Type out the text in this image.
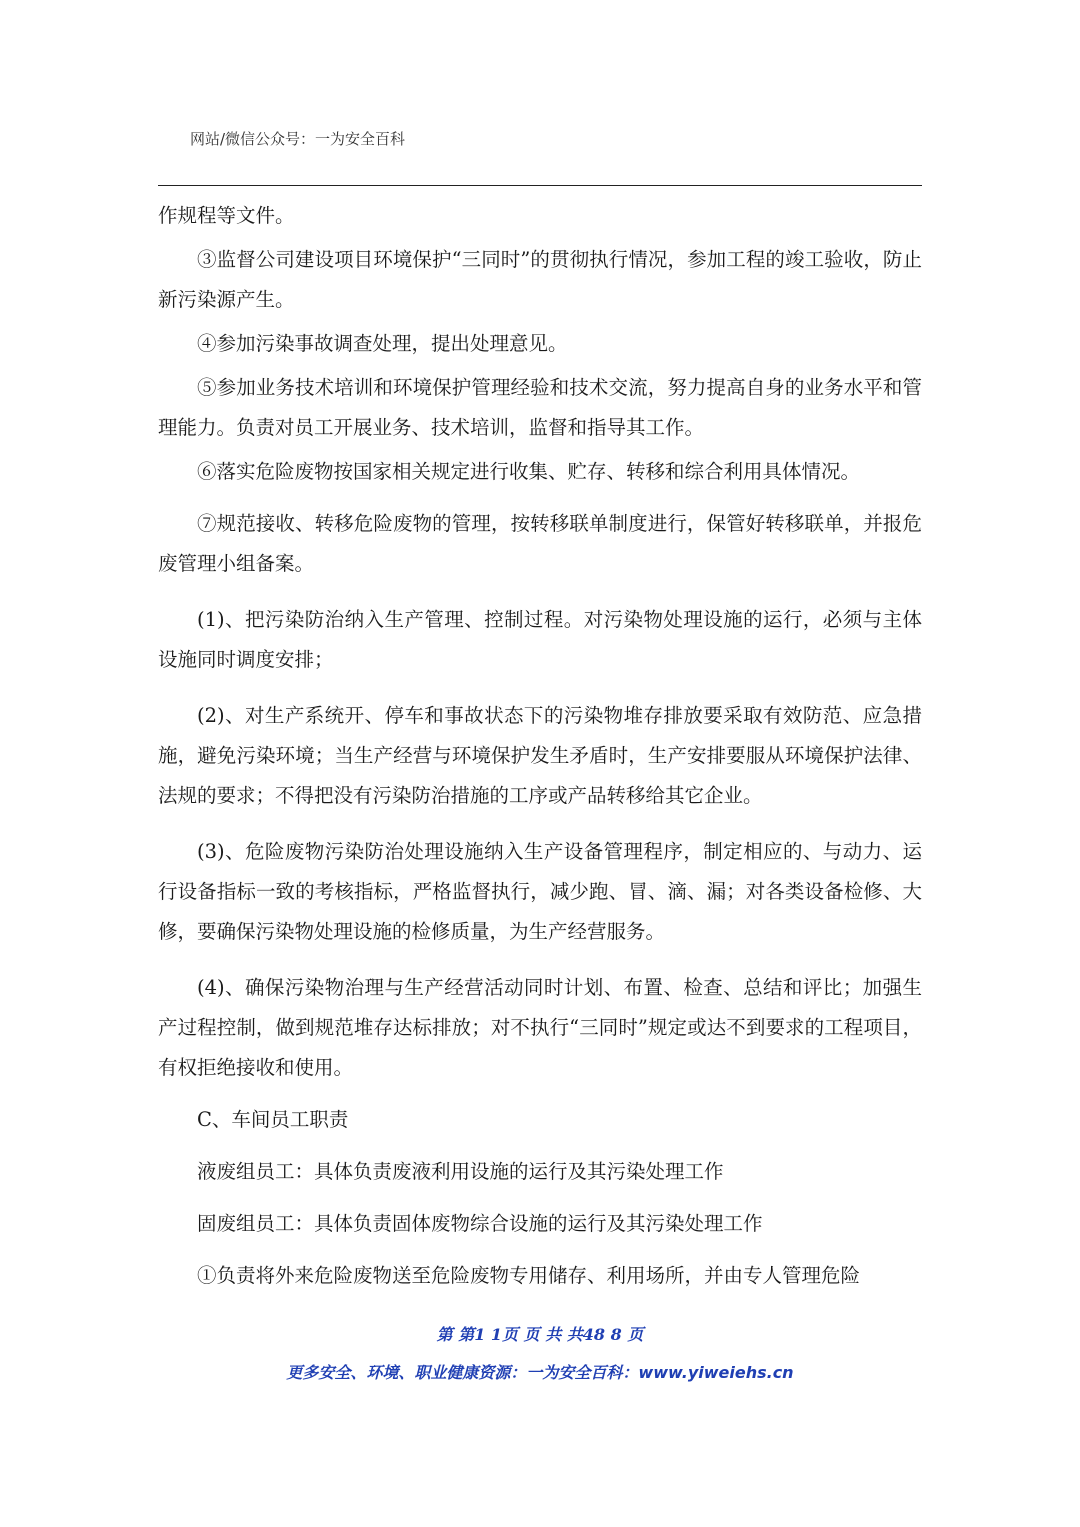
网站/微信公众号：一为安全百科

作规程等文件。

③监督公司建设项目环境保护“三同时”的贯彻执行情况，参加工程的竣工验收，防止新污染源产生。

④参加污染事故调查处理，提出处理意见。

⑤参加业务技术培训和环境保护管理经验和技术交流，努力提高自身的业务水平和管理能力。负责对员工开展业务、技术培训，监督和指导其工作。

⑥落实危险废物按国家相关规定进行收集、贮存、转移和综合利用具体情况。

⑦规范接收、转移危险废物的管理，按转移联单制度进行，保管好转移联单，并报危废管理小组备案。

(1)、把污染防治纳入生产管理、控制过程。对污染物处理设施的运行，必须与主体设施同时调度安排；

(2)、对生产系统开、停车和事故状态下的污染物堆存排放要采取有效防范、应急措施，避免污染环境；当生产经营与环境保护发生矛盾时，生产安排要服从环境保护法律、法规的要求；不得把没有污染防治措施的工序或产品转移给其它企业。

(3)、危险废物污染防治处理设施纳入生产设备管理程序，制定相应的、与动力、运行设备指标一致的考核指标，严格监督执行，减少跑、冒、滴、漏；对各类设备检修、大修，要确保污染物处理设施的检修质量，为生产经营服务。

(4)、确保污染物治理与生产经营活动同时计划、布置、检查、总结和评比；加强生产过程控制，做到规范堆存达标排放；对不执行“三同时”规定或达不到要求的工程项目，有权拒绝接收和使用。

C、车间员工职责

液废组员工：具体负责废液利用设施的运行及其污染处理工作

固废组员工：具体负责固体废物综合设施的运行及其污染处理工作

①负责将外来危险废物送至危险废物专用储存、利用场所，并由专人管理危险

第 第1 1页 页 共 共48 8 页
更多安全、环境、职业健康资源：一为安全百科：www.yiweiehs.cn
